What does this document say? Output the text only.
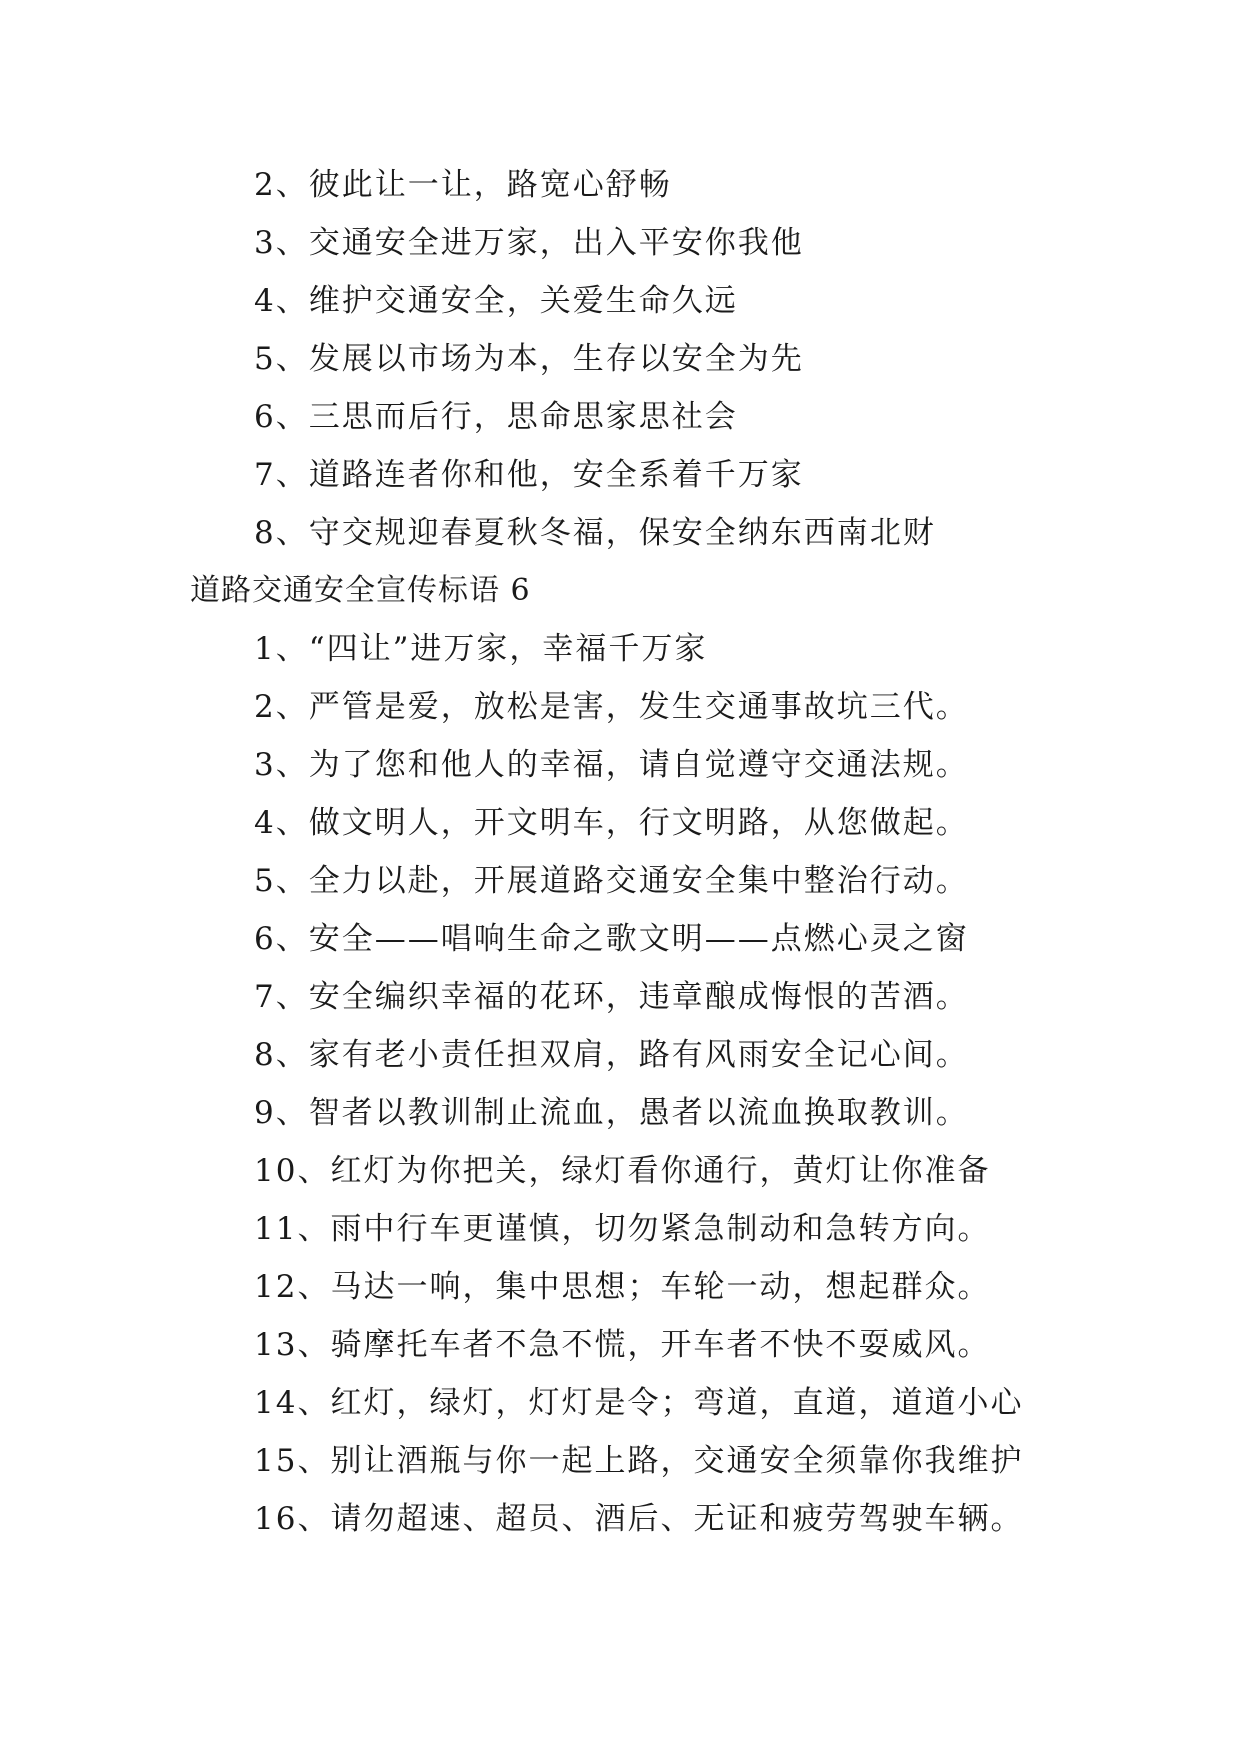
2、彼此让一让，路宽心舒畅
3、交通安全进万家，出入平安你我他
4、维护交通安全，关爱生命久远
5、发展以市场为本，生存以安全为先
6、三思而后行，思命思家思社会
7、道路连者你和他，安全系着千万家
8、守交规迎春夏秋冬福，保安全纳东西南北财
道路交通安全宣传标语 6
1、“四让”进万家，幸福千万家
2、严管是爱，放松是害，发生交通事故坑三代。
3、为了您和他人的幸福，请自觉遵守交通法规。
4、做文明人，开文明车，行文明路，从您做起。
5、全力以赴，开展道路交通安全集中整治行动。
6、安全——唱响生命之歌文明——点燃心灵之窗
7、安全编织幸福的花环，违章酿成悔恨的苦酒。
8、家有老小责任担双肩，路有风雨安全记心间。
9、智者以教训制止流血，愚者以流血换取教训。
10、红灯为你把关，绿灯看你通行，黄灯让你准备
11、雨中行车更谨慎，切勿紧急制动和急转方向。
12、马达一响，集中思想；车轮一动，想起群众。
13、骑摩托车者不急不慌，开车者不快不耍威风。
14、红灯，绿灯，灯灯是令；弯道，直道，道道小心
15、别让酒瓶与你一起上路，交通安全须靠你我维护
16、请勿超速、超员、酒后、无证和疲劳驾驶车辆。
